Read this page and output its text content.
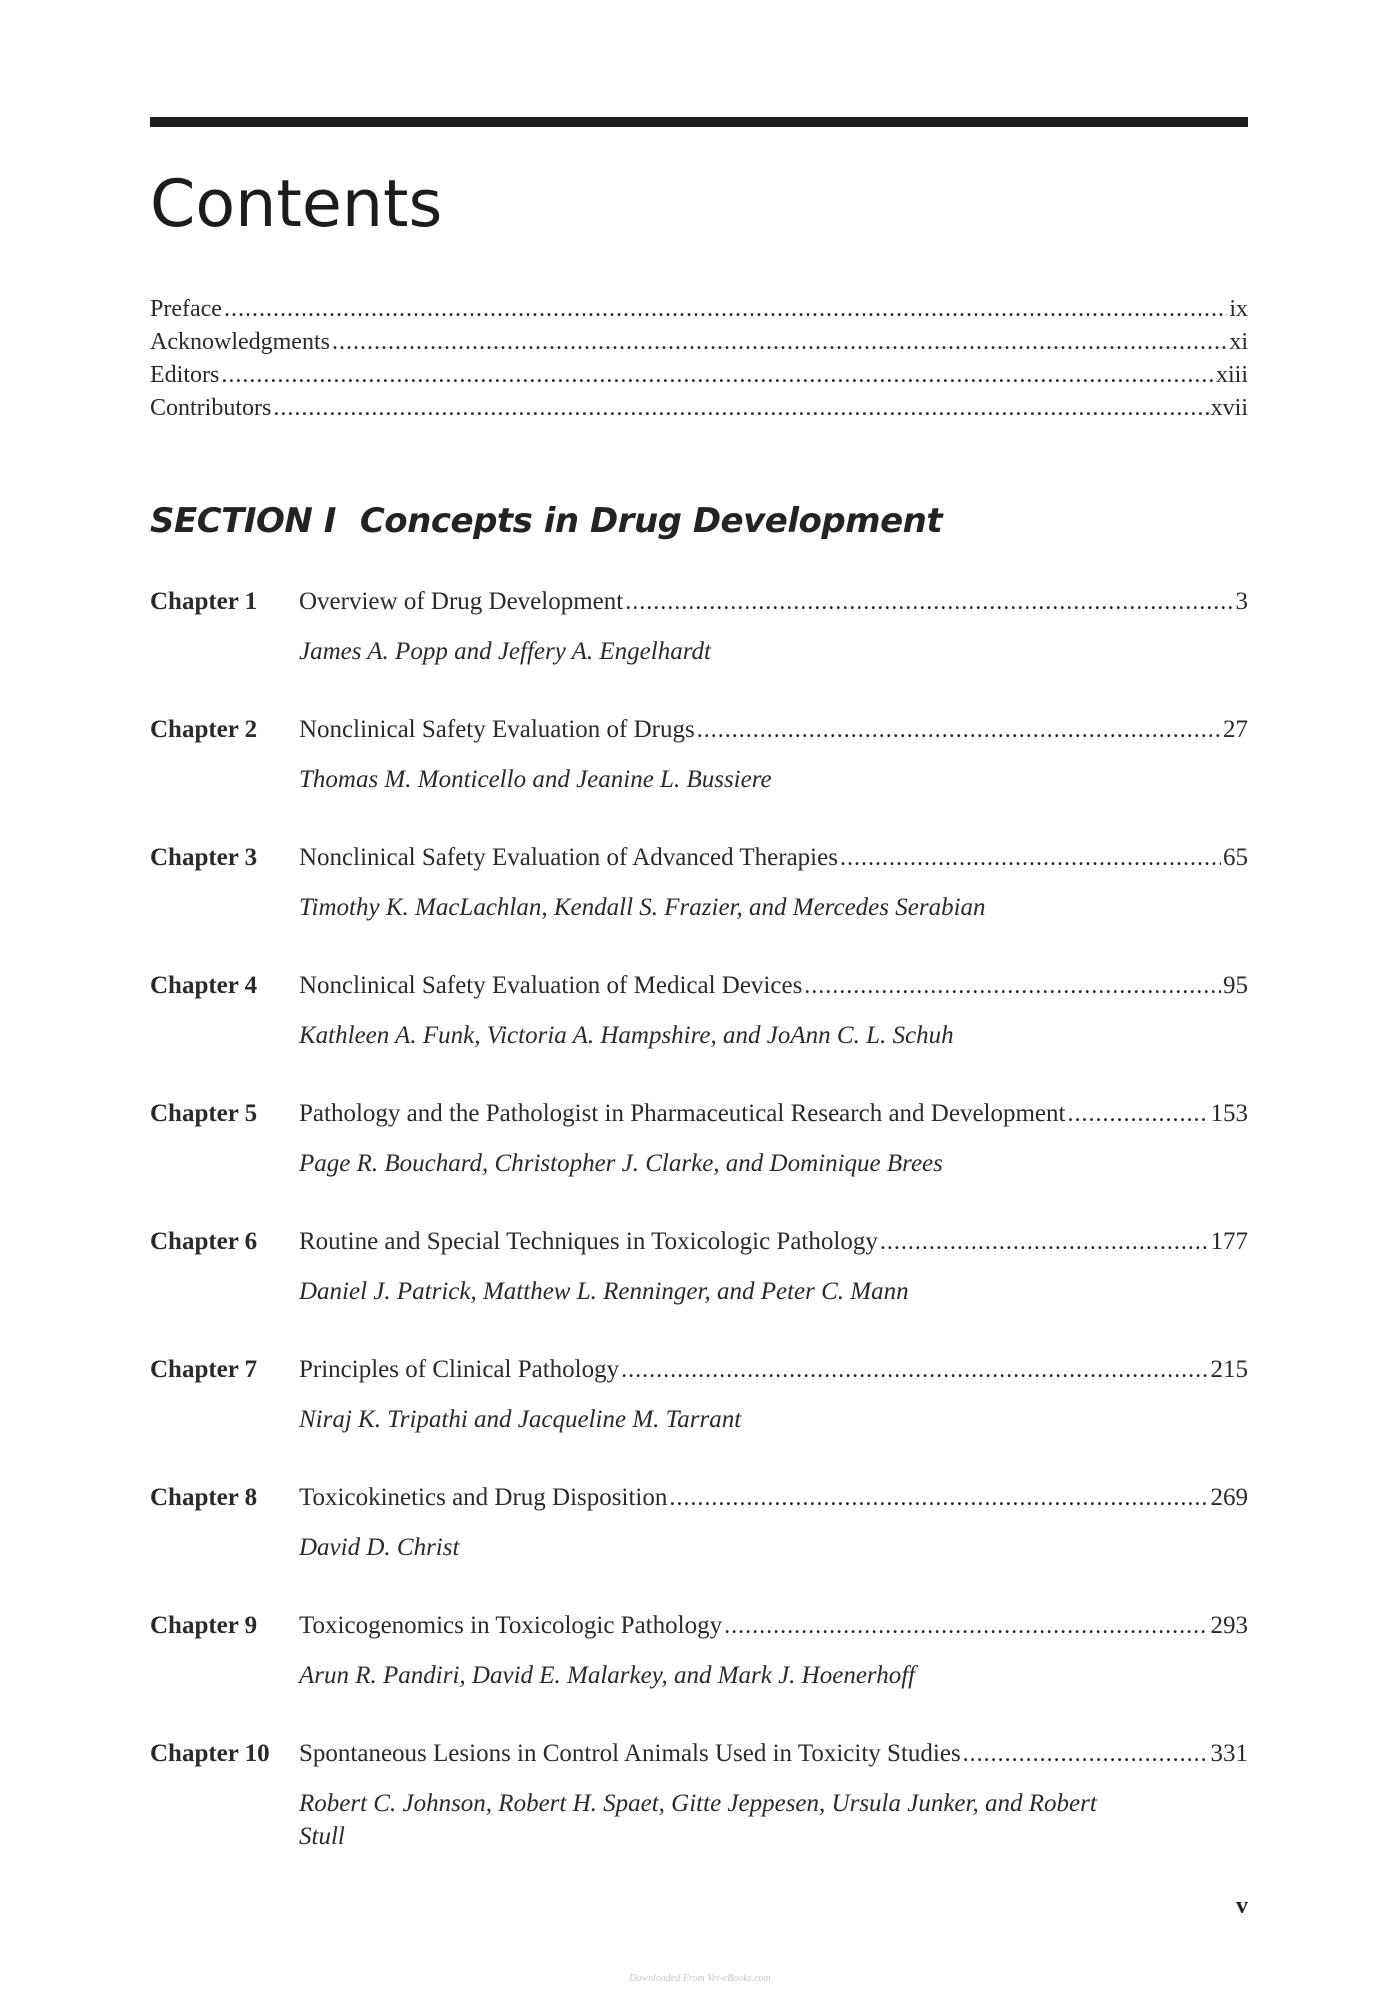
Contents
Preface .....	ix
Acknowledgments .....	xi
Editors .....	xiii
Contributors .....	xvii
SECTION I Concepts in Drug Development
Chapter 1 Overview of Drug Development .....	3
James A. Popp and Jeffery A. Engelhardt
Chapter 2 Nonclinical Safety Evaluation of Drugs .....	27
Thomas M. Monticello and Jeanine L. Bussiere
Chapter 3 Nonclinical Safety Evaluation of Advanced Therapies .....	65
Timothy K. MacLachlan, Kendall S. Frazier, and Mercedes Serabian
Chapter 4 Nonclinical Safety Evaluation of Medical Devices .....	95
Kathleen A. Funk, Victoria A. Hampshire, and JoAnn C. L. Schuh
Chapter 5 Pathology and the Pathologist in Pharmaceutical Research and Development .....	153
Page R. Bouchard, Christopher J. Clarke, and Dominique Brees
Chapter 6 Routine and Special Techniques in Toxicologic Pathology .....	177
Daniel J. Patrick, Matthew L. Renninger, and Peter C. Mann
Chapter 7 Principles of Clinical Pathology .....	215
Niraj K. Tripathi and Jacqueline M. Tarrant
Chapter 8 Toxicokinetics and Drug Disposition .....	269
David D. Christ
Chapter 9 Toxicogenomics in Toxicologic Pathology .....	293
Arun R. Pandiri, David E. Malarkey, and Mark J. Hoenerhoff
Chapter 10 Spontaneous Lesions in Control Animals Used in Toxicity Studies .....	331
Robert C. Johnson, Robert H. Spaet, Gitte Jeppesen, Ursula Junker, and Robert Stull
v
Downloaded From Vet-eBooks.com
